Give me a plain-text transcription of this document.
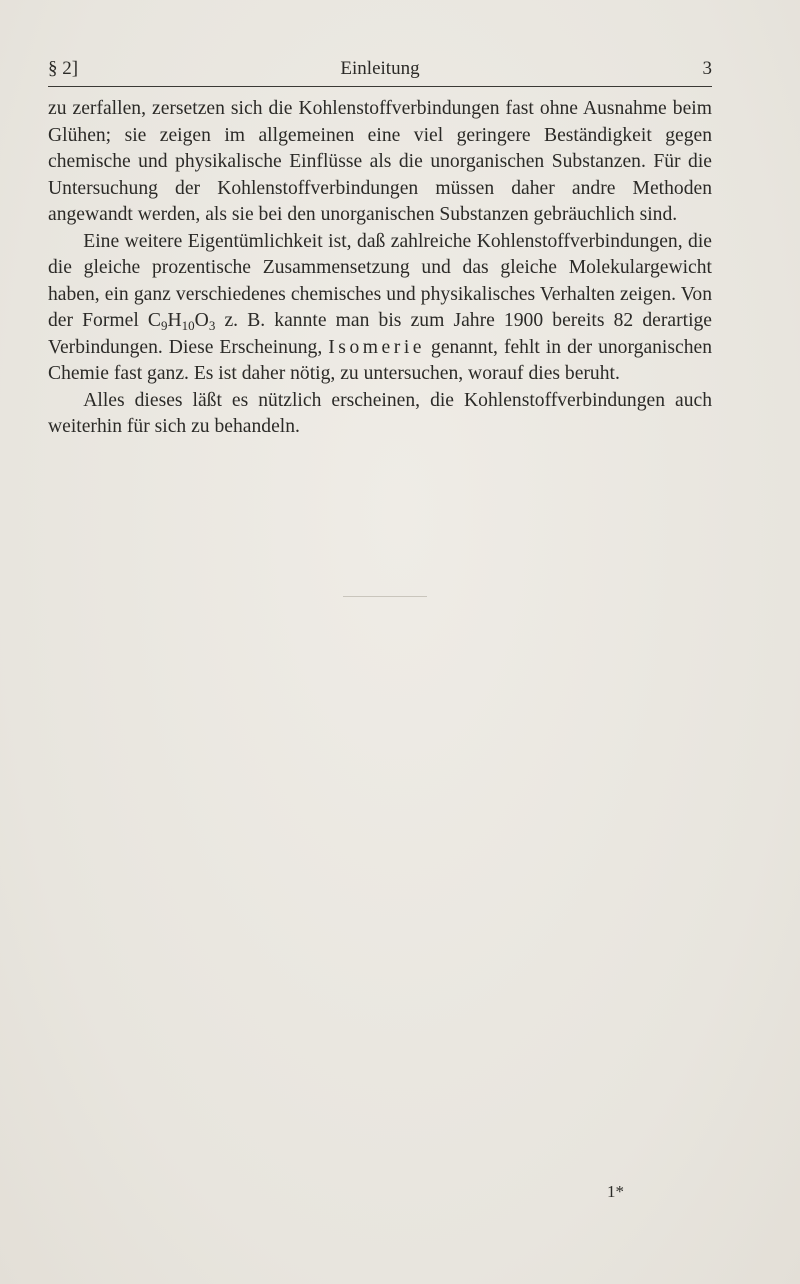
§ 2]	Einleitung	3

zu zerfallen, zersetzen sich die Kohlenstoffverbindungen fast ohne Ausnahme beim Glühen; sie zeigen im allgemeinen eine viel geringere Beständigkeit gegen chemische und physikalische Einflüsse als die unorganischen Substanzen. Für die Untersuchung der Kohlenstoffverbindungen müssen daher andre Methoden angewandt werden, als sie bei den unorganischen Substanzen gebräuchlich sind.

Eine weitere Eigentümlichkeit ist, daß zahlreiche Kohlenstoffverbindungen, die die gleiche prozentische Zusammensetzung und das gleiche Molekulargewicht haben, ein ganz verschiedenes chemisches und physikalisches Verhalten zeigen. Von der Formel $C_9H_{10}O_3$ z. B. kannte man bis zum Jahre 1900 bereits 82 derartige Verbindungen. Diese Erscheinung, Isomerie genannt, fehlt in der unorganischen Chemie fast ganz. Es ist daher nötig, zu untersuchen, worauf dies beruht.

Alles dieses läßt es nützlich erscheinen, die Kohlenstoffverbindungen auch weiterhin für sich zu behandeln.

1*
